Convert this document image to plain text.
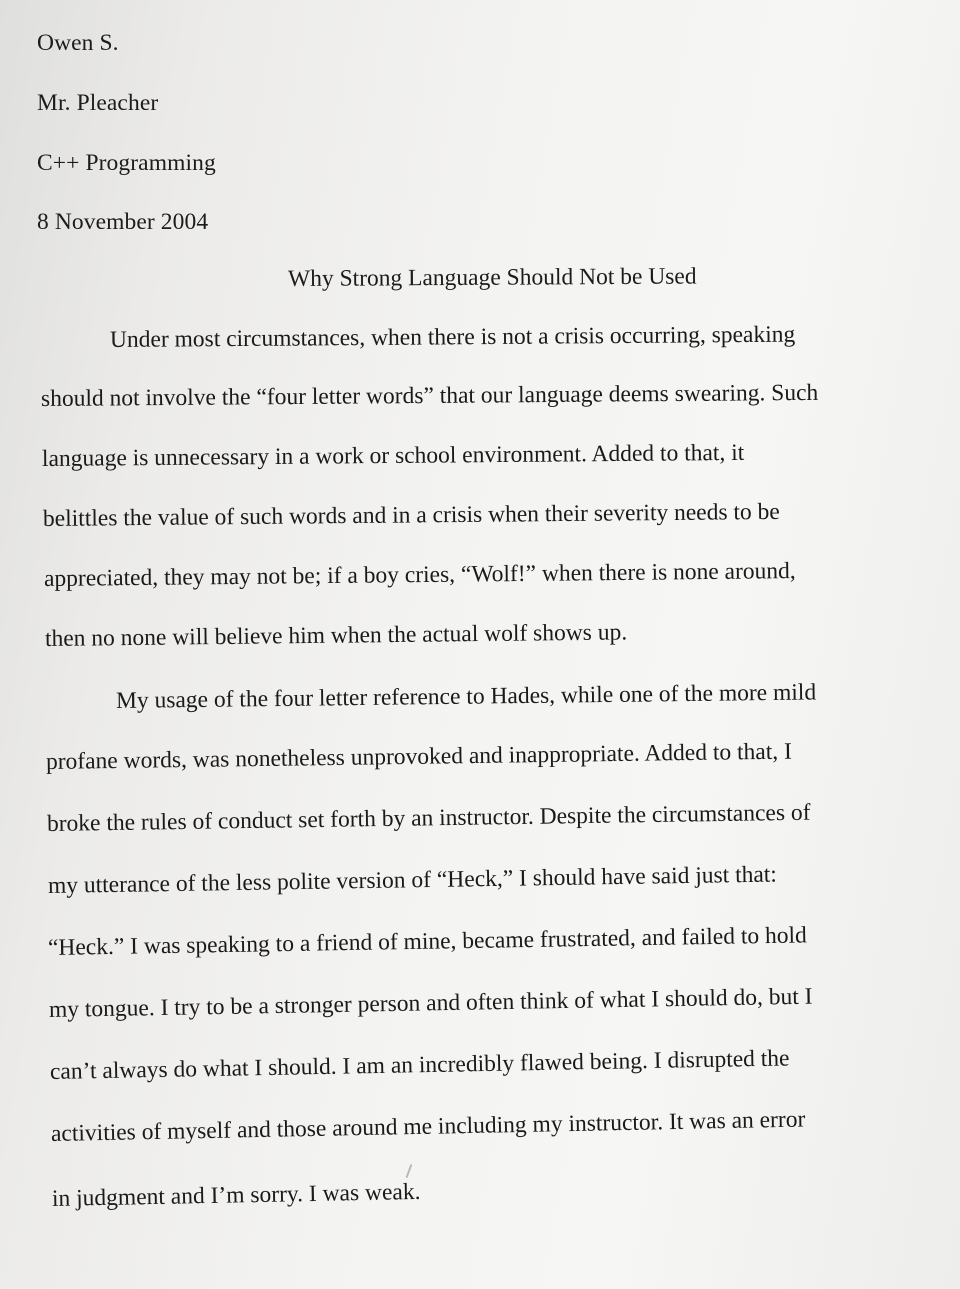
Owen S.
Mr. Pleacher
C++ Programming
8 November 2004
Why Strong Language Should Not be Used
Under most circumstances, when there is not a crisis occurring, speaking
should not involve the “four letter words” that our language deems swearing. Such
language is unnecessary in a work or school environment. Added to that, it
belittles the value of such words and in a crisis when their severity needs to be
appreciated, they may not be; if a boy cries, “Wolf!” when there is none around,
then no none will believe him when the actual wolf shows up.
My usage of the four letter reference to Hades, while one of the more mild
profane words, was nonetheless unprovoked and inappropriate. Added to that, I
broke the rules of conduct set forth by an instructor. Despite the circumstances of
my utterance of the less polite version of “Heck,” I should have said just that:
“Heck.” I was speaking to a friend of mine, became frustrated, and failed to hold
my tongue. I try to be a stronger person and often think of what I should do, but I
can’t always do what I should. I am an incredibly flawed being. I disrupted the
activities of myself and those around me including my instructor. It was an error
in judgment and I’m sorry. I was weak.
